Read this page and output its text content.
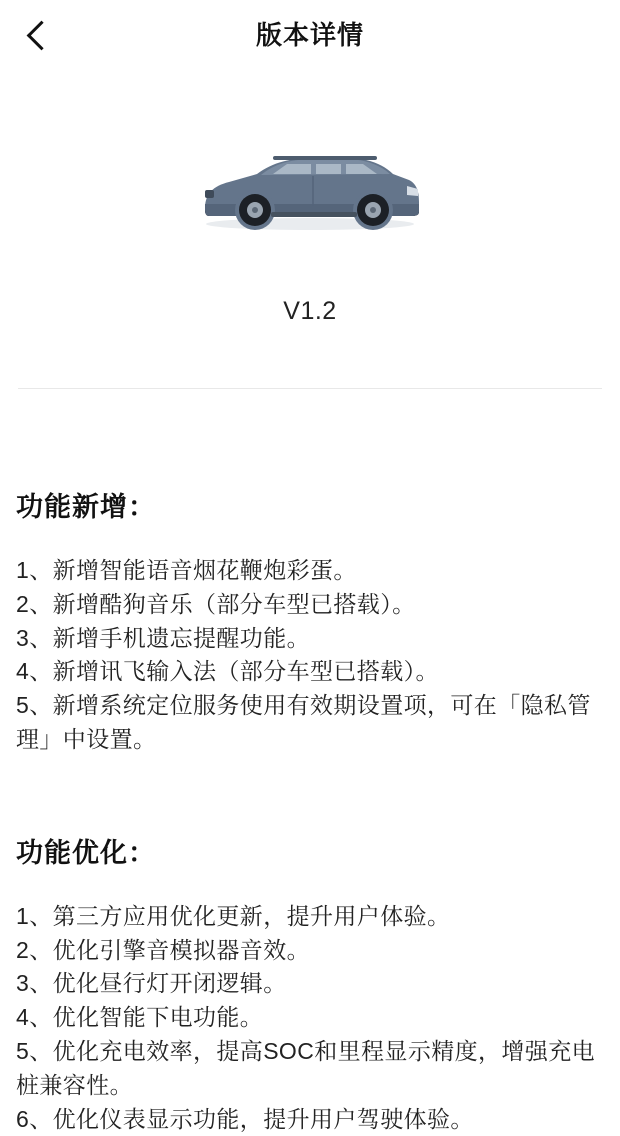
版本详情
V1.2
功能新增：
1、新增智能语音烟花鞭炮彩蛋。
2、新增酷狗音乐（部分车型已搭载）。
3、新增手机遗忘提醒功能。
4、新增讯飞输入法（部分车型已搭载）。
5、新增系统定位服务使用有效期设置项，可在「隐私管理」中设置。
功能优化：
1、第三方应用优化更新，提升用户体验。
2、优化引擎音模拟器音效。
3、优化昼行灯开闭逻辑。
4、优化智能下电功能。
5、优化充电效率，提高SOC和里程显示精度，增强充电桩兼容性。
6、优化仪表显示功能，提升用户驾驶体验。
